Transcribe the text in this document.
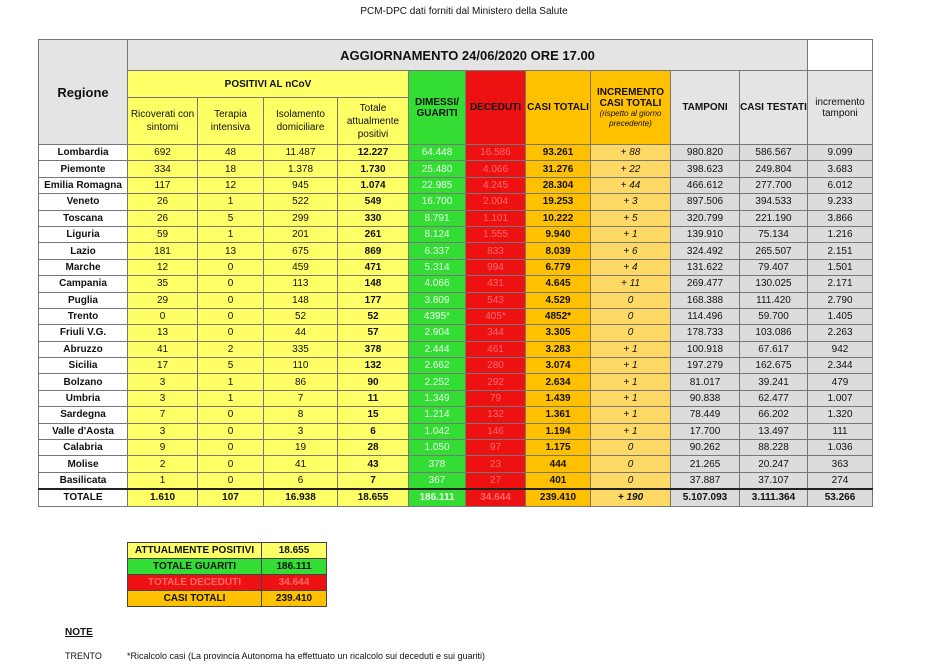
PCM-DPC dati forniti dal Ministero della Salute
Regione	AGGIORNAMENTO 24/06/2020 ORE 17.00										
	POSITIVI AL nCoV				DIMESSI/ GUARITI	DECEDUTI	CASI TOTALI	INCREMENTO CASI TOTALI
(rispetto al giorno precedente)	TAMPONI	CASI TESTATI	incremento tamponi
	Ricoverati con sintomi	Terapia intensiva	Isolamento domiciliare	Totale attualmente positivi							
Lombardia	692	48	11.487	12.227	64.448	16.586	93.261	+ 88	980.820	586.567	9.099
Piemonte	334	18	1.378	1.730	25.480	4.066	31.276	+ 22	398.623	249.804	3.683
Emilia Romagna	117	12	945	1.074	22.985	4.245	28.304	+ 44	466.612	277.700	6.012
Veneto	26	1	522	549	16.700	2.004	19.253	+ 3	897.506	394.533	9.233
Toscana	26	5	299	330	8.791	1.101	10.222	+ 5	320.799	221.190	3.866
Liguria	59	1	201	261	8.124	1.555	9.940	+ 1	139.910	75.134	1.216
Lazio	181	13	675	869	6.337	833	8.039	+ 6	324.492	265.507	2.151
Marche	12	0	459	471	5.314	994	6.779	+ 4	131.622	79.407	1.501
Campania	35	0	113	148	4.066	431	4.645	+ 11	269.477	130.025	2.171
Puglia	29	0	148	177	3.809	543	4.529	0	168.388	111.420	2.790
Trento	0	0	52	52	4395*	405*	4852*	0	114.496	59.700	1.405
Friuli V.G.	13	0	44	57	2.904	344	3.305	0	178.733	103.086	2.263
Abruzzo	41	2	335	378	2.444	461	3.283	+ 1	100.918	67.617	942
Sicilia	17	5	110	132	2.662	280	3.074	+ 1	197.279	162.675	2.344
Bolzano	3	1	86	90	2.252	292	2.634	+ 1	81.017	39.241	479
Umbria	3	1	7	11	1.349	79	1.439	+ 1	90.838	62.477	1.007
Sardegna	7	0	8	15	1.214	132	1.361	+ 1	78.449	66.202	1.320
Valle d'Aosta	3	0	3	6	1.042	146	1.194	+ 1	17.700	13.497	111
Calabria	9	0	19	28	1.050	97	1.175	0	90.262	88.228	1.036
Molise	2	0	41	43	378	23	444	0	21.265	20.247	363
Basilicata	1	0	6	7	367	27	401	0	37.887	37.107	274
TOTALE	1.610	107	16.938	18.655	186.111	34.644	239.410	+ 190	5.107.093	3.111.364	53.266
ATTUALMENTE POSITIVI	18.655
TOTALE GUARITI	186.111
TOTALE DECEDUTI	34.644
CASI TOTALI	239.410
NOTE
TRENTO	*Ricalcolo casi (La provincia Autonoma ha effettuato un ricalcolo sui deceduti e sui guariti)
